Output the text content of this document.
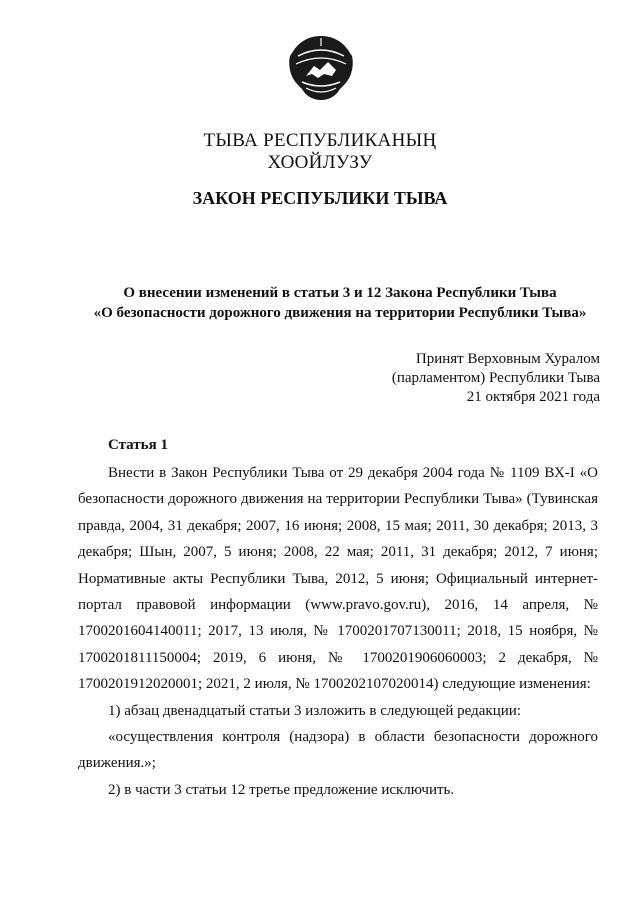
ТЫВА РЕСПУБЛИКАНЫҢ
ХООЙЛУЗУ
ЗАКОН РЕСПУБЛИКИ ТЫВА
О внесении изменений в статьи 3 и 12 Закона Республики Тыва
«О безопасности дорожного движения на территории Республики Тыва»
Принят Верховным Хуралом
(парламентом) Республики Тыва
21 октября 2021 года
Статья 1

Внести в Закон Республики Тыва от 29 декабря 2004 года № 1109 ВХ-I «О безопасности дорожного движения на территории Республики Тыва» (Тувинская правда, 2004, 31 декабря; 2007, 16 июня; 2008, 15 мая; 2011, 30 декабря; 2013, 3 декабря; Шын, 2007, 5 июня; 2008, 22 мая; 2011, 31 декабря; 2012, 7 июня; Нормативные акты Республики Тыва, 2012, 5 июня; Официальный интернет-портал правовой информации (www.pravo.gov.ru), 2016, 14 апреля, № 1700201604140011; 2017, 13 июля, № 1700201707130011; 2018, 15 ноября, № 1700201811150004; 2019, 6 июня, № 1700201906060003; 2 декабря, № 1700201912020001; 2021, 2 июля, № 1700202107020014) следующие изменения:

1) абзац двенадцатый статьи 3 изложить в следующей редакции:

«осуществления контроля (надзора) в области безопасности дорожного движения.»;

2) в части 3 статьи 12 третье предложение исключить.
